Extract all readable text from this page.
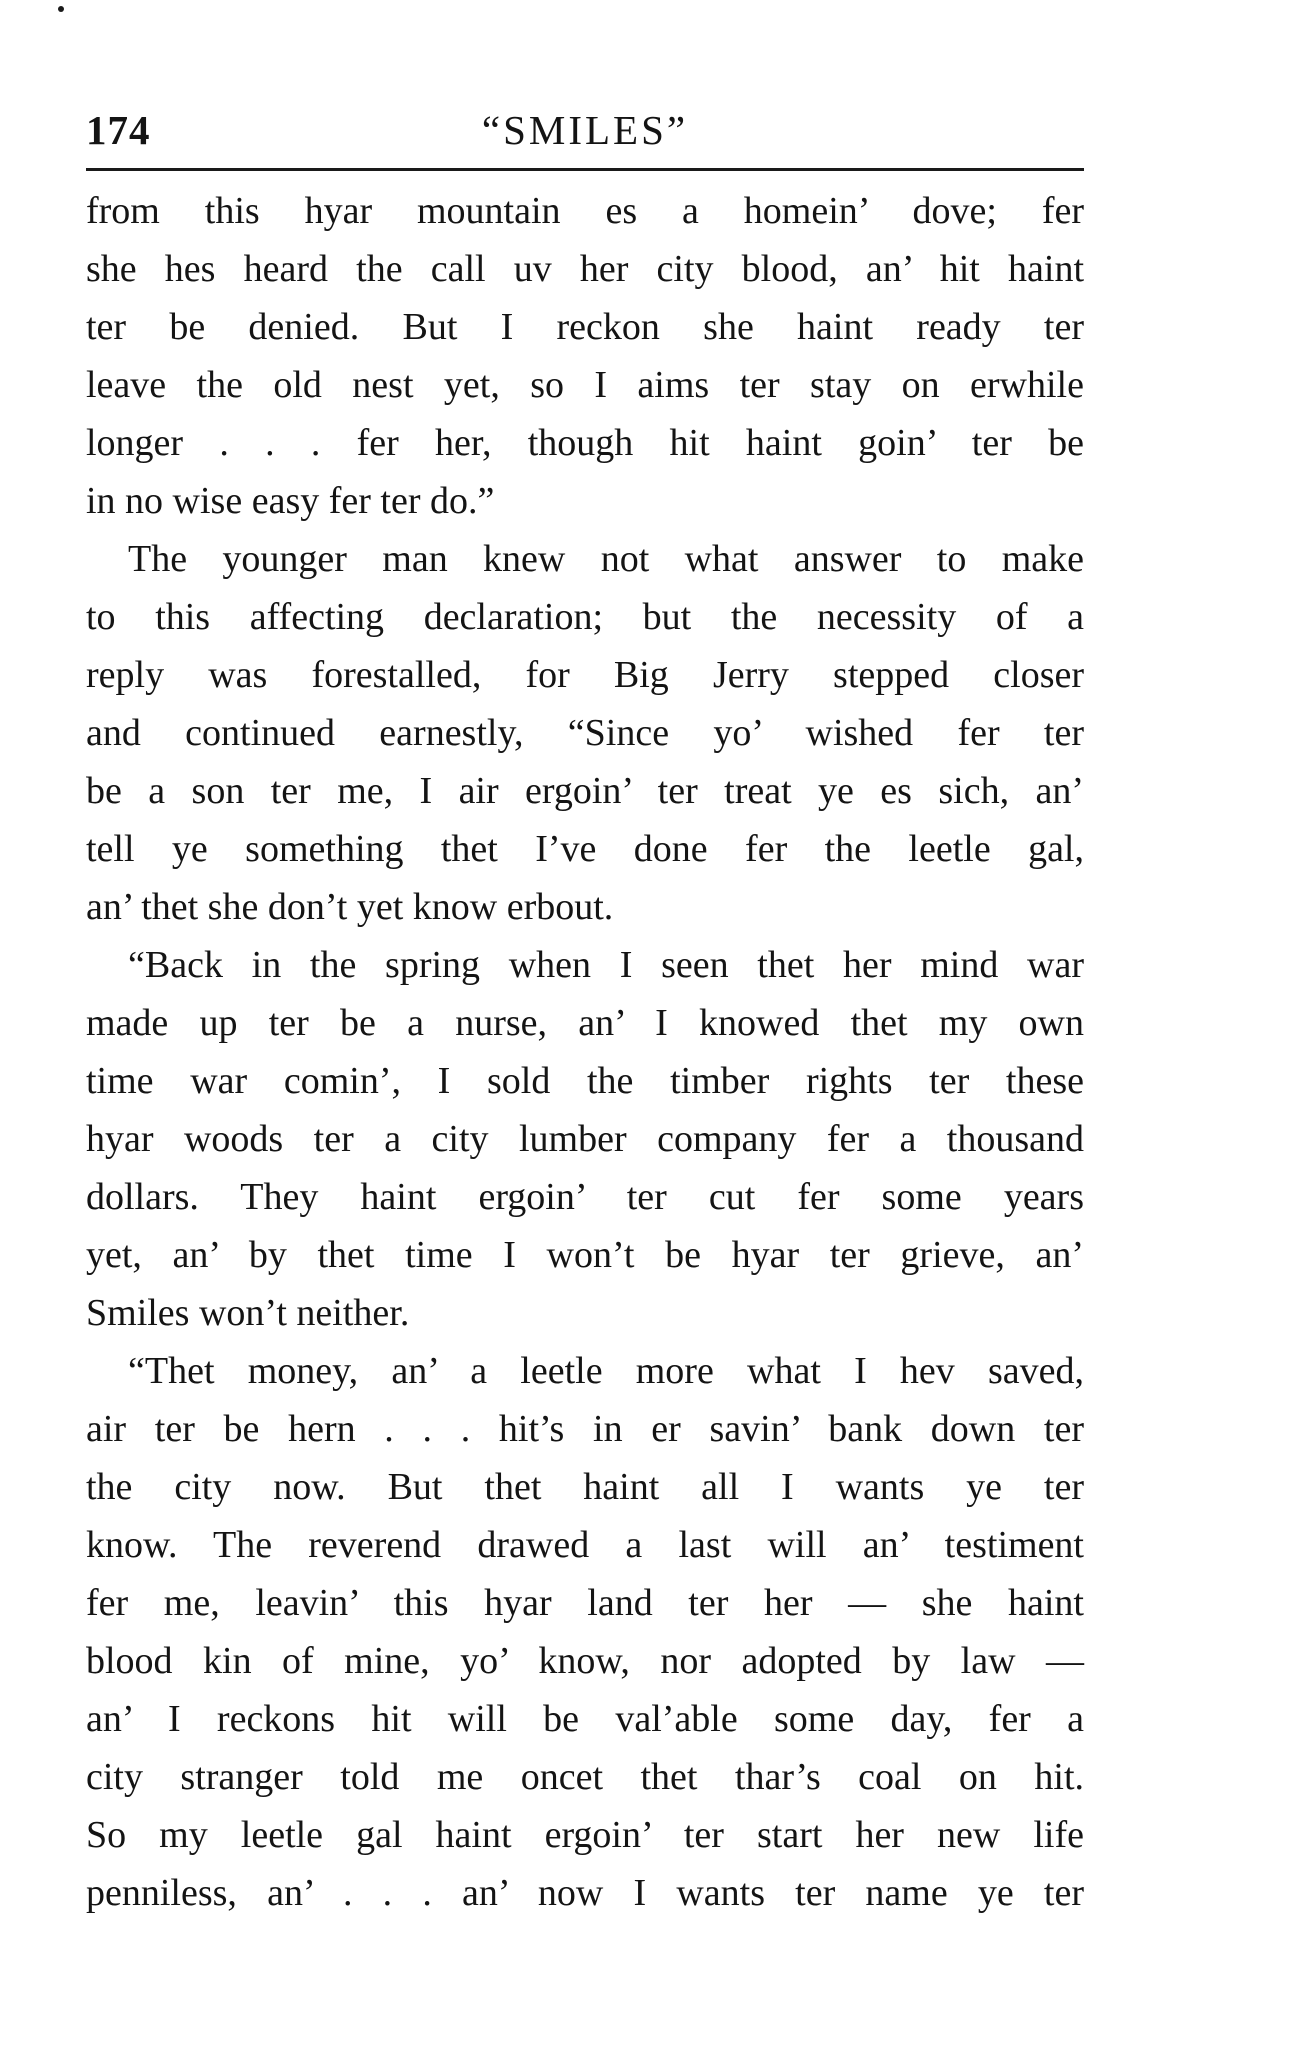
174	“SMILES”
from this hyar mountain es a homein’ dove; fer
she hes heard the call uv her city blood, an’ hit haint
ter be denied. But I reckon she haint ready ter
leave the old nest yet, so I aims ter stay on erwhile
longer . . . fer her, though hit haint goin’ ter be
in no wise easy fer ter do.”
The younger man knew not what answer to make
to this affecting declaration; but the necessity of a
reply was forestalled, for Big Jerry stepped closer
and continued earnestly, “Since yo’ wished fer ter
be a son ter me, I air ergoin’ ter treat ye es sich, an’
tell ye something thet I’ve done fer the leetle gal,
an’ thet she don’t yet know erbout.
“Back in the spring when I seen thet her mind war
made up ter be a nurse, an’ I knowed thet my own
time war comin’, I sold the timber rights ter these
hyar woods ter a city lumber company fer a thousand
dollars. They haint ergoin’ ter cut fer some years
yet, an’ by thet time I won’t be hyar ter grieve, an’
Smiles won’t neither.
“Thet money, an’ a leetle more what I hev saved,
air ter be hern . . . hit’s in er savin’ bank down ter
the city now. But thet haint all I wants ye ter
know. The reverend drawed a last will an’ testiment
fer me, leavin’ this hyar land ter her — she haint
blood kin of mine, yo’ know, nor adopted by law —
an’ I reckons hit will be val’able some day, fer a
city stranger told me oncet thet thar’s coal on hit.
So my leetle gal haint ergoin’ ter start her new life
penniless, an’ . . . an’ now I wants ter name ye ter
